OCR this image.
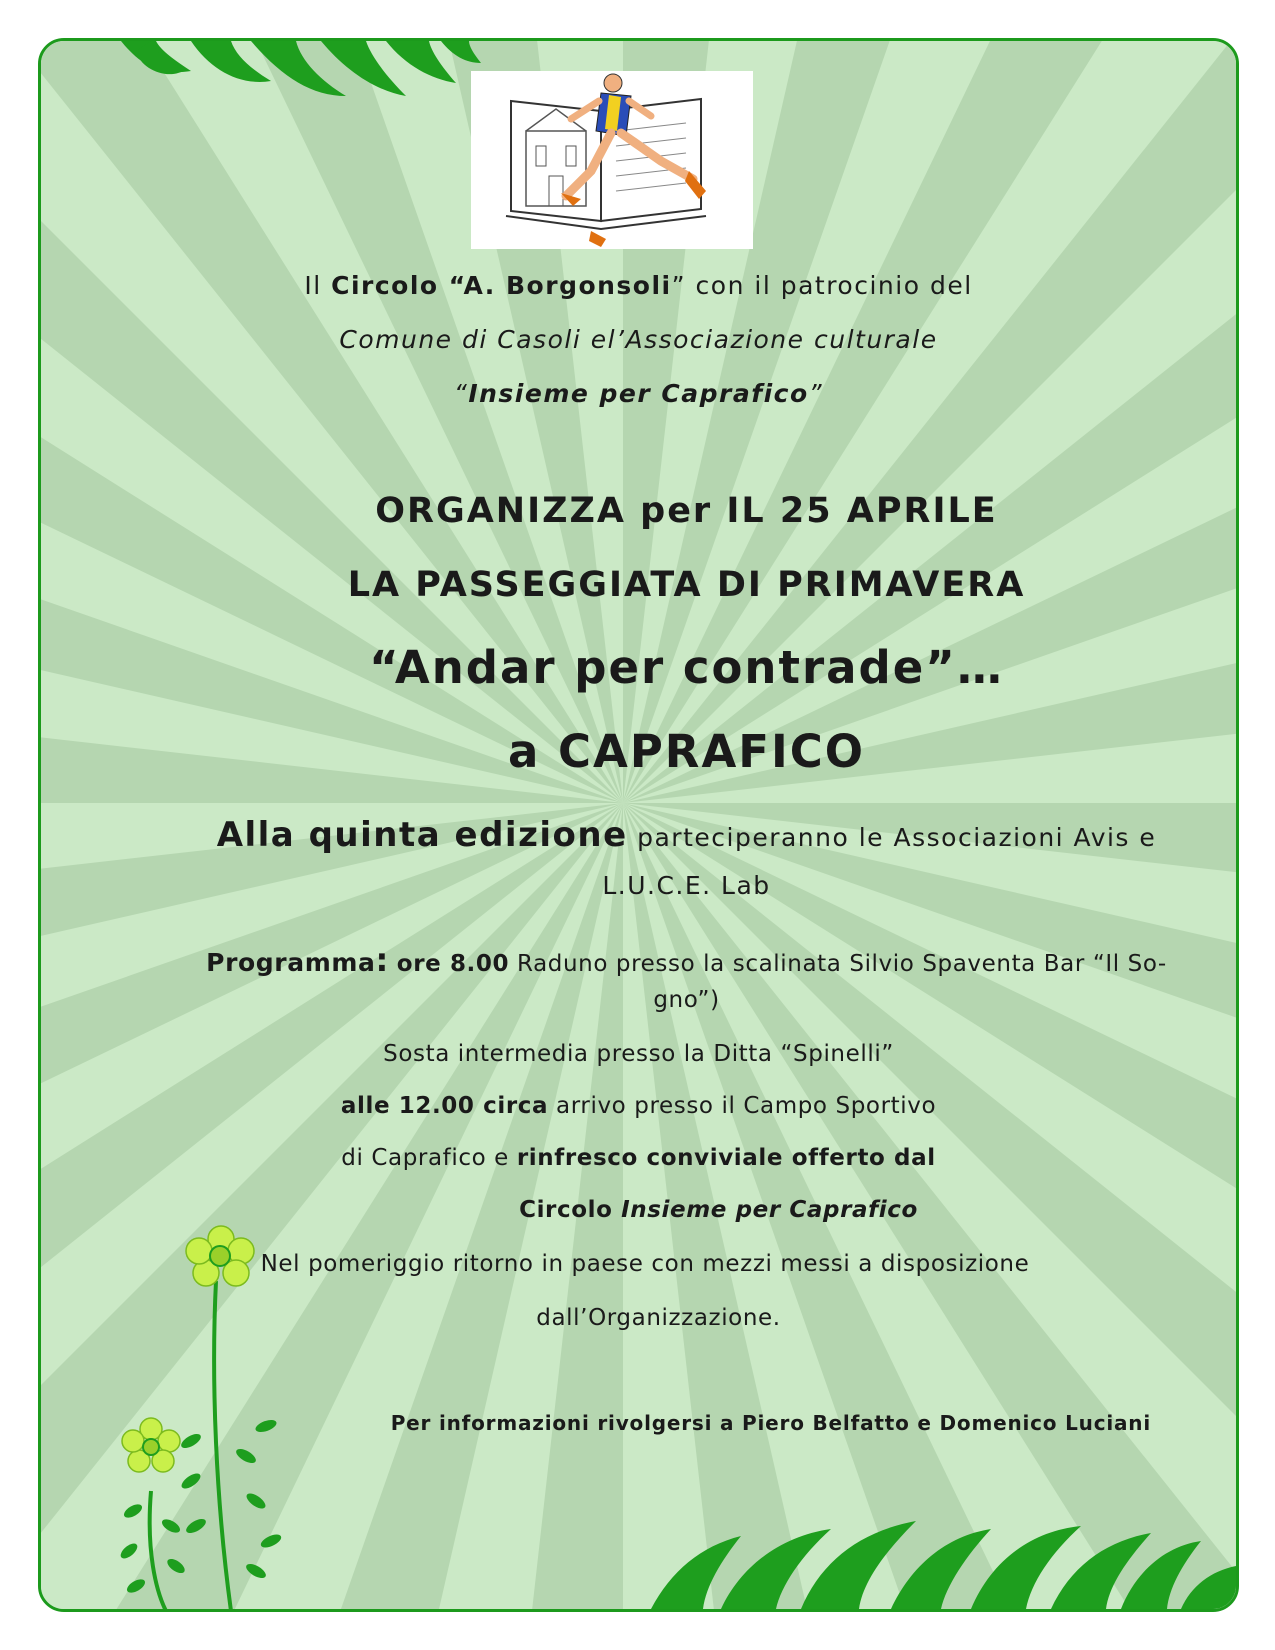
Il Circolo “A. Borgonsoli” con il patrocinio del
Comune di Casoli el’Associazione culturale
“Insieme per Caprafico”
ORGANIZZA per IL 25 APRILE
LA PASSEGGIATA DI PRIMAVERA
“Andar per contrade”…
a CAPRAFICO
Alla quinta edizione parteciperanno le Associazioni Avis e
L.U.C.E. Lab
Programma: ore 8.00 Raduno presso la scalinata Silvio Spaventa Bar “Il So-
gno”)
Sosta intermedia presso la Ditta “Spinelli”
alle 12.00 circa arrivo presso il Campo Sportivo
di Caprafico e rinfresco conviviale offerto dal
Circolo Insieme per Caprafico
Nel pomeriggio ritorno in paese con mezzi messi a disposizione
dall’Organizzazione.
Per informazioni rivolgersi a Piero Belfatto e Domenico Luciani
